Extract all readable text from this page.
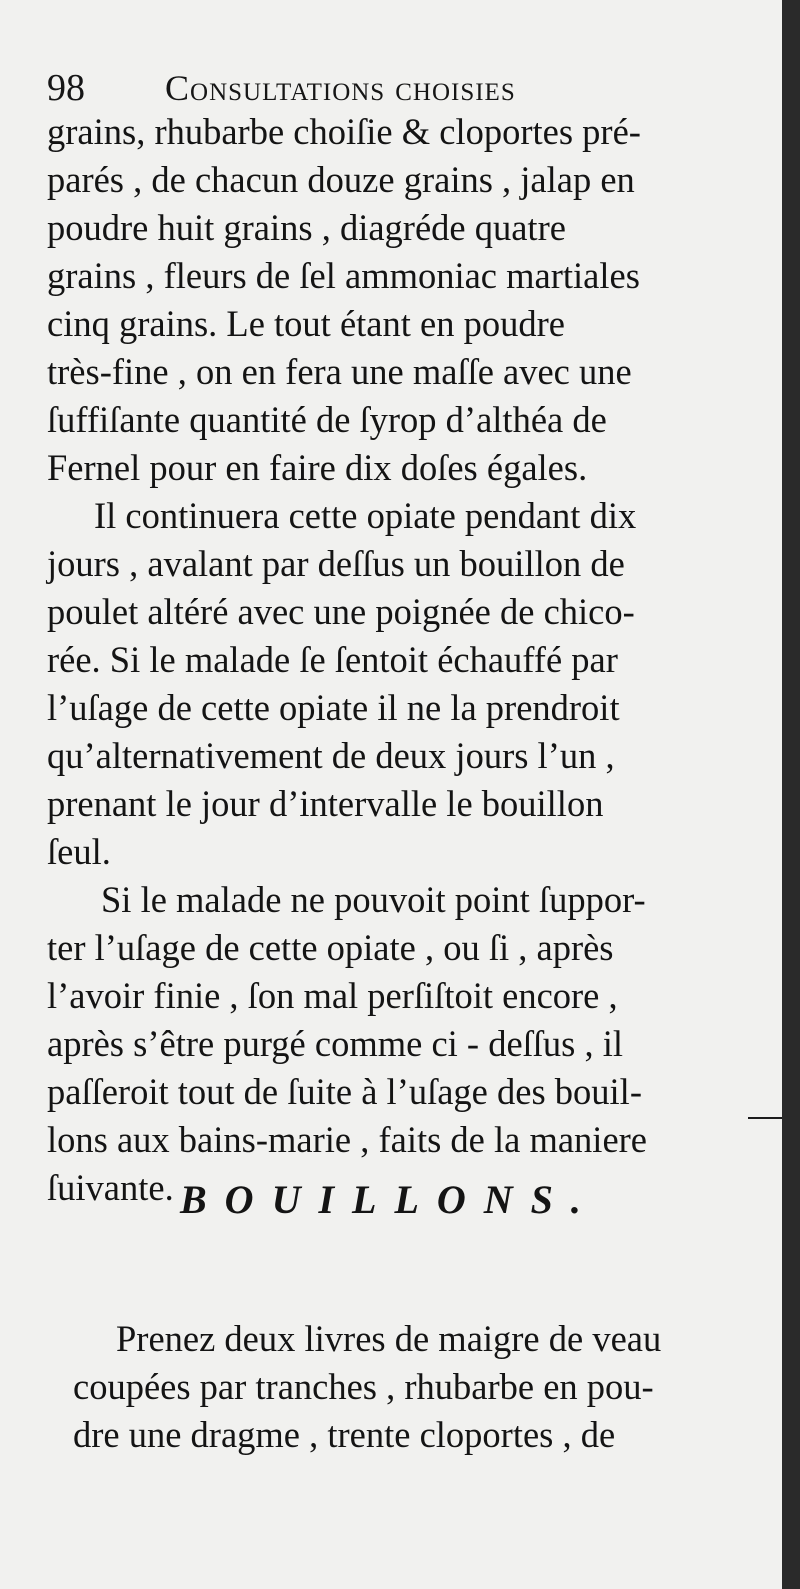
98 Consultations choisies
grains, rhubarbe choiſie & cloportes pré-
parés , de chacun douze grains , jalap en
poudre huit grains , diagréde quatre
grains , fleurs de ſel ammoniac martiales
cinq grains. Le tout étant en poudre
très-fine , on en fera une maſſe avec une
ſuffiſante quantité de ſyrop d’althéa de
Fernel pour en faire dix doſes égales.
Il continuera cette opiate pendant dix
jours , avalant par deſſus un bouillon de
poulet altéré avec une poignée de chico-
rée. Si le malade ſe ſentoit échauffé par
l’uſage de cette opiate il ne la prendroit
qu’alternativement de deux jours l’un ,
prenant le jour d’intervalle le bouillon
ſeul.
Si le malade ne pouvoit point ſuppor-
ter l’uſage de cette opiate , ou ſi , après
l’avoir finie , ſon mal perſiſtoit encore ,
après s’être purgé comme ci - deſſus , il
paſſeroit tout de ſuite à l’uſage des bouil-
lons aux bains-marie , faits de la maniere
ſuivante. BOUILLONS.
Prenez deux livres de maigre de veau
coupées par tranches , rhubarbe en pou-
dre une dragme , trente cloportes , de
